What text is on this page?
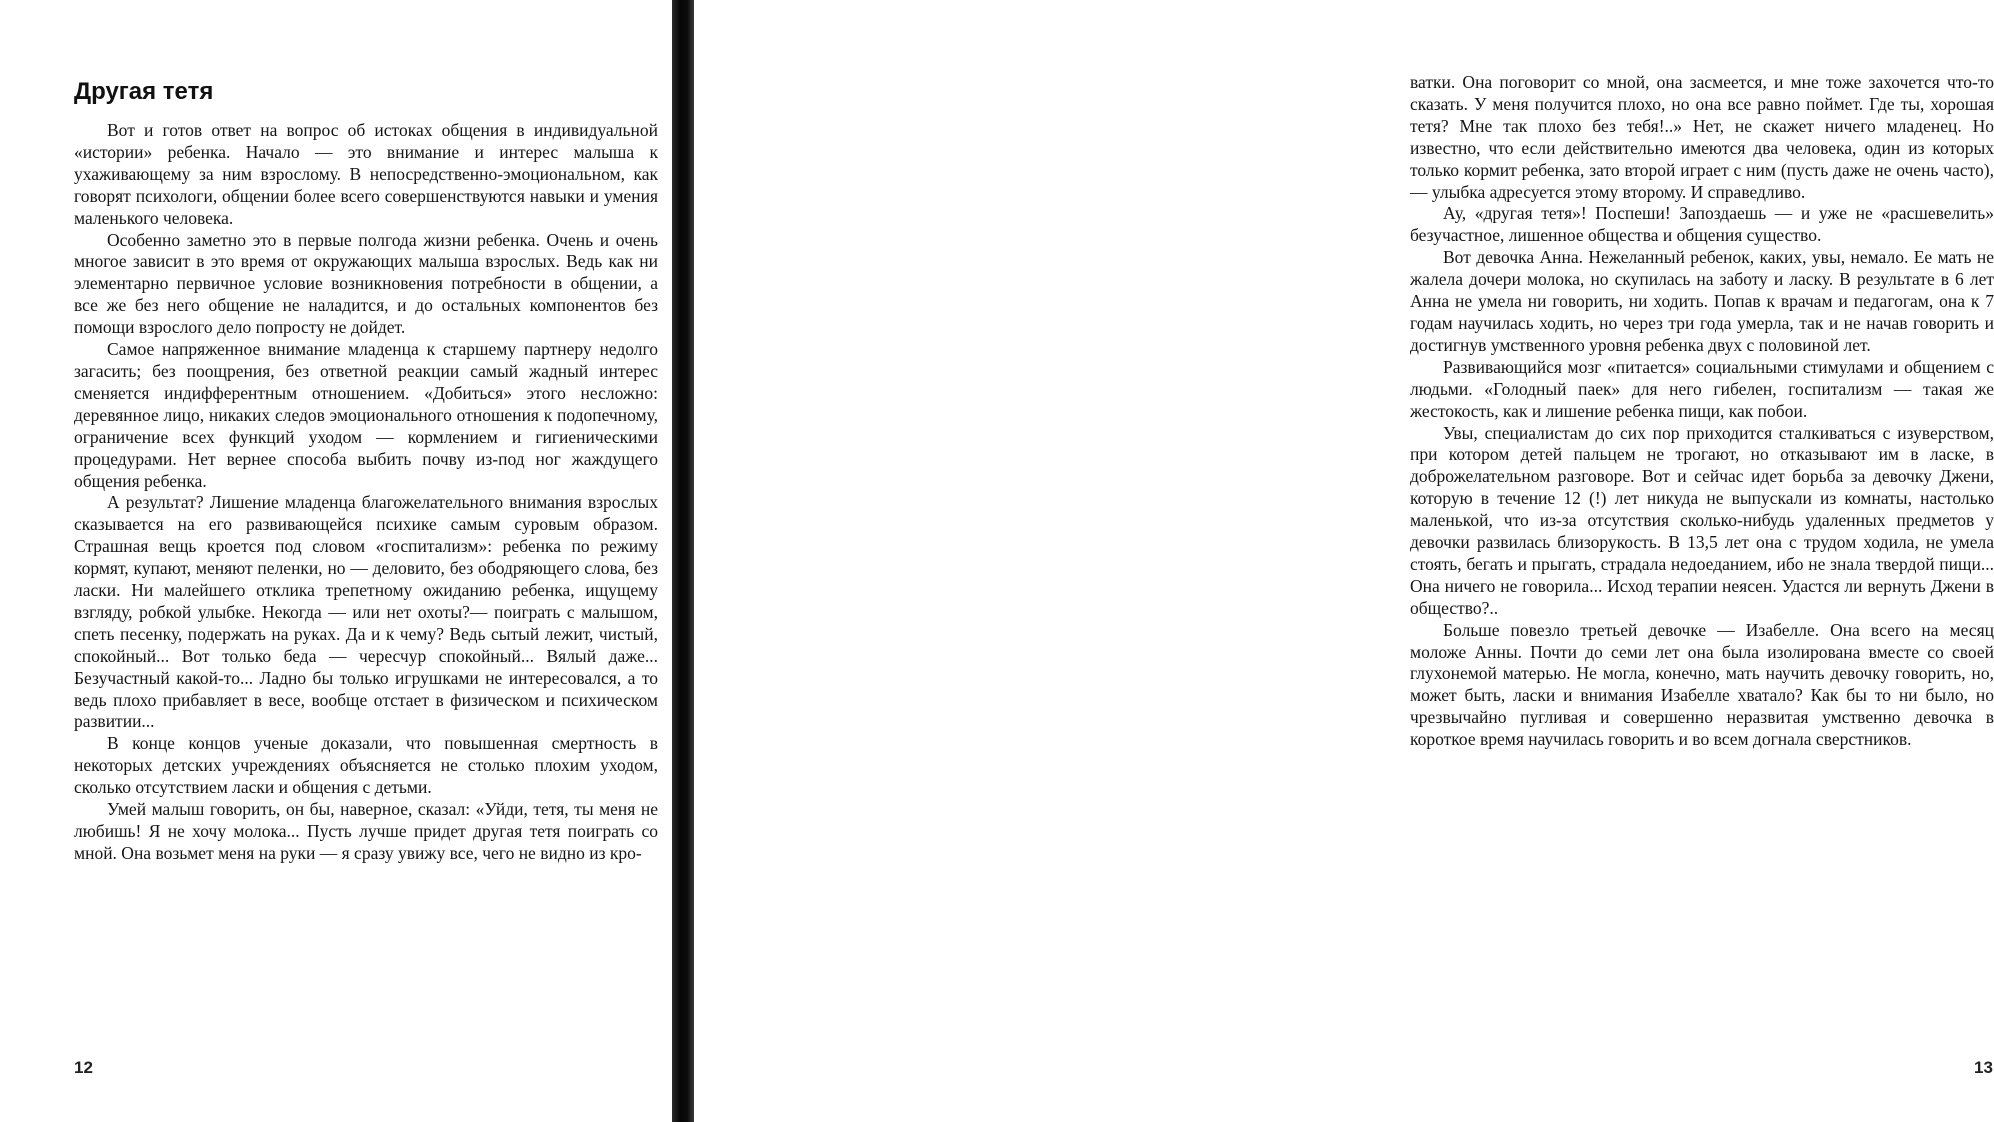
Другая тетя

Вот и готов ответ на вопрос об истоках общения в индивидуальной «истории» ребенка. Начало — это внимание и интерес малыша к ухаживающему за ним взрослому. В непосредственно-эмоциональном, как говорят психологи, общении более всего совершенствуются навыки и умения маленького человека.

Особенно заметно это в первые полгода жизни ребенка. Очень и очень многое зависит в это время от окружающих малыша взрослых. Ведь как ни элементарно первичное условие возникновения потребности в общении, а все же без него общение не наладится, и до остальных компонентов без помощи взрослого дело попросту не дойдет.

Самое напряженное внимание младенца к старшему партнеру недолго загасить; без поощрения, без ответной реакции самый жадный интерес сменяется индифферентным отношением. «Добиться» этого несложно: деревянное лицо, никаких следов эмоционального отношения к подопечному, ограничение всех функций уходом — кормлением и гигиеническими процедурами. Нет вернее способа выбить почву из-под ног жаждущего общения ребенка.

А результат? Лишение младенца благожелательного внимания взрослых сказывается на его развивающейся психике самым суровым образом. Страшная вещь кроется под словом «госпитализм»: ребенка по режиму кормят, купают, меняют пеленки, но — деловито, без ободряющего слова, без ласки. Ни малейшего отклика трепетному ожиданию ребенка, ищущему взгляду, робкой улыбке. Некогда — или нет охоты?— поиграть с малышом, спеть песенку, подержать на руках. Да и к чему? Ведь сытый лежит, чистый, спокойный... Вот только беда — чересчур спокойный... Вялый даже... Безучастный какой-то... Ладно бы только игрушками не интересовался, а то ведь плохо прибавляет в весе, вообще отстает в физическом и психическом развитии...

В конце концов ученые доказали, что повышенная смертность в некоторых детских учреждениях объясняется не столько плохим уходом, сколько отсутствием ласки и общения с детьми.

Умей малыш говорить, он бы, наверное, сказал: «Уйди, тетя, ты меня не любишь! Я не хочу молока... Пусть лучше придет другая тетя поиграть со мной. Она возьмет меня на руки — я сразу увижу все, чего не видно из кро-

12

ватки. Она поговорит со мной, она засмеется, и мне тоже захочется что-то сказать. У меня получится плохо, но она все равно поймет. Где ты, хорошая тетя? Мне так плохо без тебя!..» Нет, не скажет ничего младенец. Но известно, что если действительно имеются два человека, один из которых только кормит ребенка, зато второй играет с ним (пусть даже не очень часто),— улыбка адресуется этому второму. И справедливо.

Ау, «другая тетя»! Поспеши! Запоздаешь — и уже не «расшевелить» безучастное, лишенное общества и общения существо.

Вот девочка Анна. Нежеланный ребенок, каких, увы, немало. Ее мать не жалела дочери молока, но скупилась на заботу и ласку. В результате в 6 лет Анна не умела ни говорить, ни ходить. Попав к врачам и педагогам, она к 7 годам научилась ходить, но через три года умерла, так и не начав говорить и достигнув умственного уровня ребенка двух с половиной лет.

Развивающийся мозг «питается» социальными стимулами и общением с людьми. «Голодный паек» для него гибелен, госпитализм — такая же жестокость, как и лишение ребенка пищи, как побои.

Увы, специалистам до сих пор приходится сталкиваться с изуверством, при котором детей пальцем не трогают, но отказывают им в ласке, в доброжелательном разговоре. Вот и сейчас идет борьба за девочку Джени, которую в течение 12 (!) лет никуда не выпускали из комнаты, настолько маленькой, что из-за отсутствия сколько-нибудь удаленных предметов у девочки развилась близорукость. В 13,5 лет она с трудом ходила, не умела стоять, бегать и прыгать, страдала недоеданием, ибо не знала твердой пищи... Она ничего не говорила... Исход терапии неясен. Удастся ли вернуть Джени в общество?..

Больше повезло третьей девочке — Изабелле. Она всего на месяц моложе Анны. Почти до семи лет она была изолирована вместе со своей глухонемой матерью. Не могла, конечно, мать научить девочку говорить, но, может быть, ласки и внимания Изабелле хватало? Как бы то ни было, но чрезвычайно пугливая и совершенно неразвитая умственно девочка в короткое время научилась говорить и во всем догнала сверстников.

13
